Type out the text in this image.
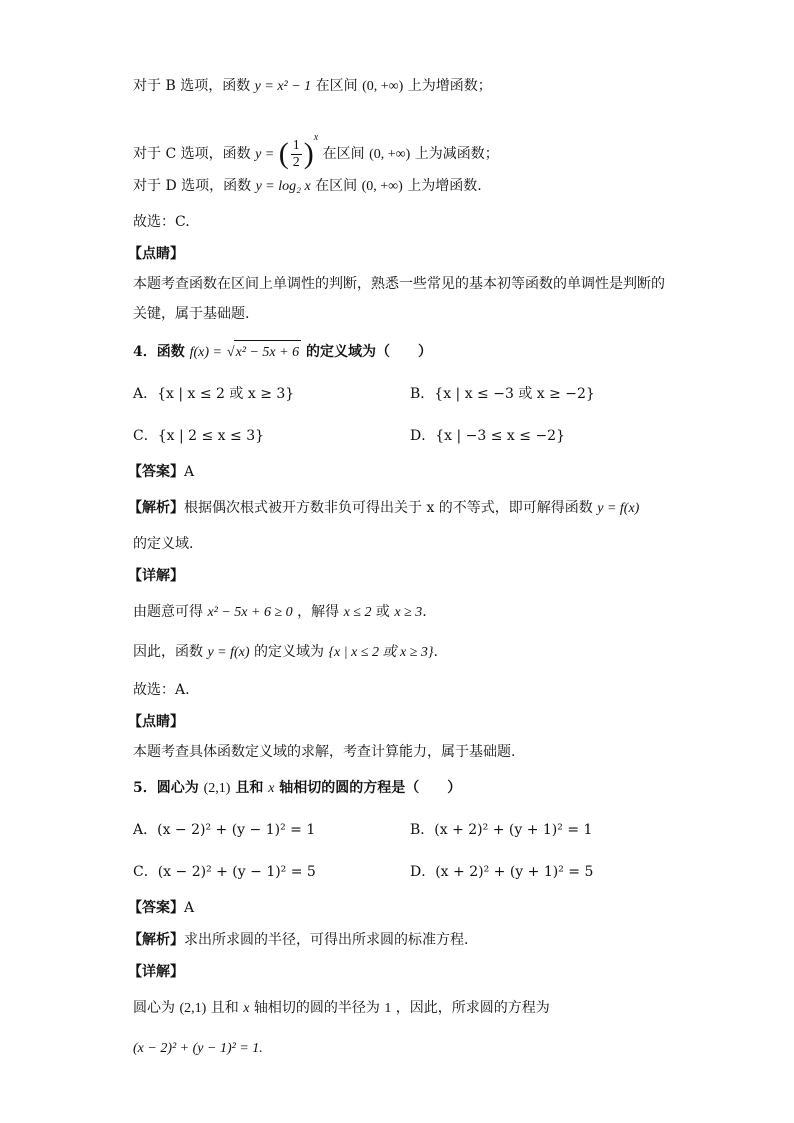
对于 B 选项，函数 y = x² − 1 在区间 (0, +∞) 上为增函数；
对于 C 选项，函数 y = ( $\frac{1}{2} )^x$ 在区间 (0, +∞) 上为减函数；
对于 D 选项，函数 y = log₂ x 在区间 (0, +∞) 上为增函数.
故选：C.
【点睛】
本题考查函数在区间上单调性的判断，熟悉一些常见的基本初等函数的单调性是判断的
关键，属于基础题.
4．函数 f(x) = √x² − 5x + 6 的定义域为（　　）
A．{x | x ≤ 2 或 x ≥ 3}	B．{x | x ≤ −3 或 x ≥ −2}
C．{x | 2 ≤ x ≤ 3}	D．{x | −3 ≤ x ≤ −2}
【答案】A
【解析】根据偶次根式被开方数非负可得出关于 x 的不等式，即可解得函数 y = f(x)
的定义域.
【详解】
由题意可得 x² − 5x + 6 ≥ 0 ，解得 x ≤ 2 或 x ≥ 3.
因此，函数 y = f(x) 的定义域为 {x | x ≤ 2 或 x ≥ 3}.
故选：A.
【点睛】
本题考查具体函数定义域的求解，考查计算能力，属于基础题.
5．圆心为 (2,1) 且和 x 轴相切的圆的方程是（　　）
A．(x − 2)² + (y − 1)² = 1	B．(x + 2)² + (y + 1)² = 1
C．(x − 2)² + (y − 1)² = 5	D．(x + 2)² + (y + 1)² = 5
【答案】A
【解析】求出所求圆的半径，可得出所求圆的标准方程.
【详解】
圆心为 (2,1) 且和 x 轴相切的圆的半径为 1 ，因此，所求圆的方程为
(x − 2)² + (y − 1)² = 1.
